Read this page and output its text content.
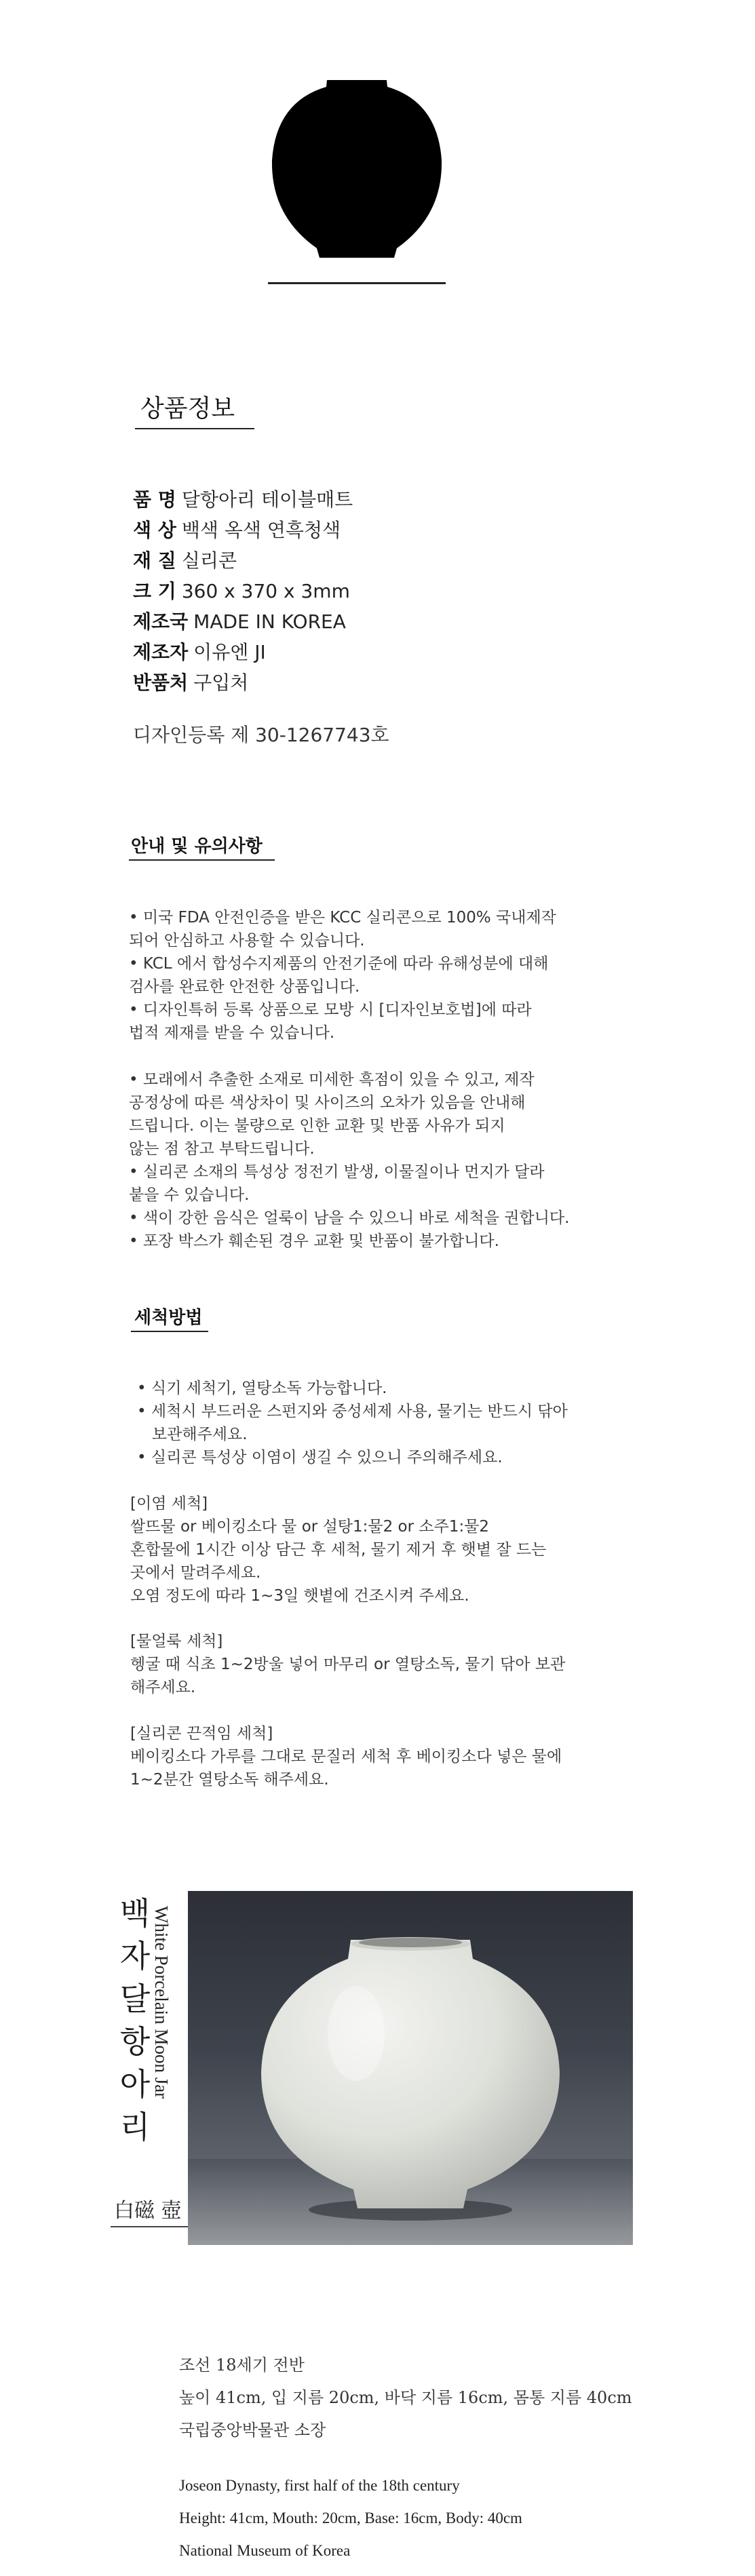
상품정보
품 명 달항아리 테이블매트
색 상 백색 옥색 연흑청색
재 질 실리콘
크 기 360 x 370 x 3mm
제조국 MADE IN KOREA
제조자 이유엔 JI
반품처 구입처
디자인등록 제 30-1267743호
안내 및 유의사항
• 미국 FDA 안전인증을 받은 KCC 실리콘으로 100% 국내제작
되어 안심하고 사용할 수 있습니다.
• KCL 에서 합성수지제품의 안전기준에 따라 유해성분에 대해
검사를 완료한 안전한 상품입니다.
• 디자인특허 등록 상품으로 모방 시 [디자인보호법]에 따라
법적 제재를 받을 수 있습니다.
• 모래에서 추출한 소재로 미세한 흑점이 있을 수 있고, 제작
공정상에 따른 색상차이 및 사이즈의 오차가 있음을 안내해
드립니다. 이는 불량으로 인한 교환 및 반품 사유가 되지
않는 점 참고 부탁드립니다.
• 실리콘 소재의 특성상 정전기 발생, 이물질이나 먼지가 달라
붙을 수 있습니다.
• 색이 강한 음식은 얼룩이 남을 수 있으니 바로 세척을 권합니다.
• 포장 박스가 훼손된 경우 교환 및 반품이 불가합니다.
세척방법
• 식기 세척기, 열탕소독 가능합니다.
• 세척시 부드러운 스펀지와 중성세제 사용, 물기는 반드시 닦아
보관해주세요.
• 실리콘 특성상 이염이 생길 수 있으니 주의해주세요.
[이염 세척]
쌀뜨물 or 베이킹소다 물 or 설탕1:물2 or 소주1:물2
혼합물에 1시간 이상 담근 후 세척, 물기 제거 후 햇볕 잘 드는
곳에서 말려주세요.
오염 정도에 따라 1~3일 햇볕에 건조시켜 주세요.
[물얼룩 세척]
헹굴 때 식초 1~2방울 넣어 마무리 or 열탕소독, 물기 닦아 보관
해주세요.
[실리콘 끈적임 세척]
베이킹소다 가루를 그대로 문질러 세척 후 베이킹소다 넣은 물에
1~2분간 열탕소독 해주세요.
백
자
달
항
아
리
White Porcelain Moon Jar
白磁 壺
조선 18세기 전반
높이 41cm, 입 지름 20cm, 바닥 지름 16cm, 몸통 지름 40cm
국립중앙박물관 소장
Joseon Dynasty, first half of the 18th century
Height: 41cm, Mouth: 20cm, Base: 16cm, Body: 40cm
National Museum of Korea
